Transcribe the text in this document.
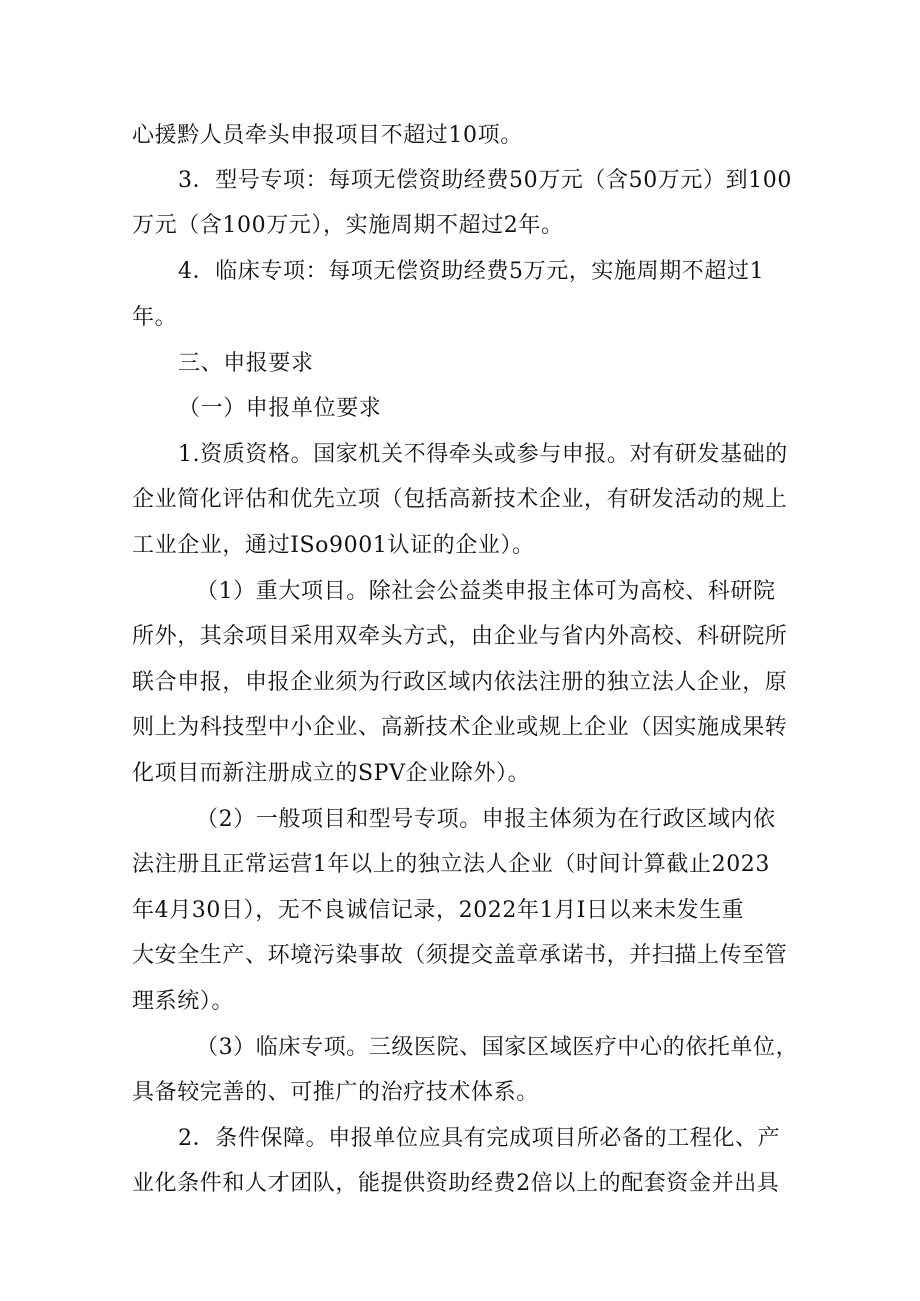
心援黔人员牵头申报项目不超过10项。
3．型号专项：每项无偿资助经费50万元（含50万元）到100
万元（含100万元），实施周期不超过2年。
4．临床专项：每项无偿资助经费5万元，实施周期不超过1
年。
三、申报要求
（一）申报单位要求
1.资质资格。国家机关不得牵头或参与申报。对有研发基础的
企业简化评估和优先立项（包括高新技术企业，有研发活动的规上
工业企业，通过ISo9001认证的企业）。
（1）重大项目。除社会公益类申报主体可为高校、科研院
所外，其余项目采用双牵头方式，由企业与省内外高校、科研院所
联合申报，申报企业须为行政区域内依法注册的独立法人企业，原
则上为科技型中小企业、高新技术企业或规上企业（因实施成果转
化项目而新注册成立的SPV企业除外）。
（2）一般项目和型号专项。申报主体须为在行政区域内依
法注册且正常运营1年以上的独立法人企业（时间计算截止2023
年4月30日），无不良诚信记录，2022年1月I日以来未发生重
大安全生产、环境污染事故（须提交盖章承诺书，并扫描上传至管
理系统）。
（3）临床专项。三级医院、国家区域医疗中心的依托单位，
具备较完善的、可推广的治疗技术体系。
2．条件保障。申报单位应具有完成项目所必备的工程化、产
业化条件和人才团队，能提供资助经费2倍以上的配套资金并出具
